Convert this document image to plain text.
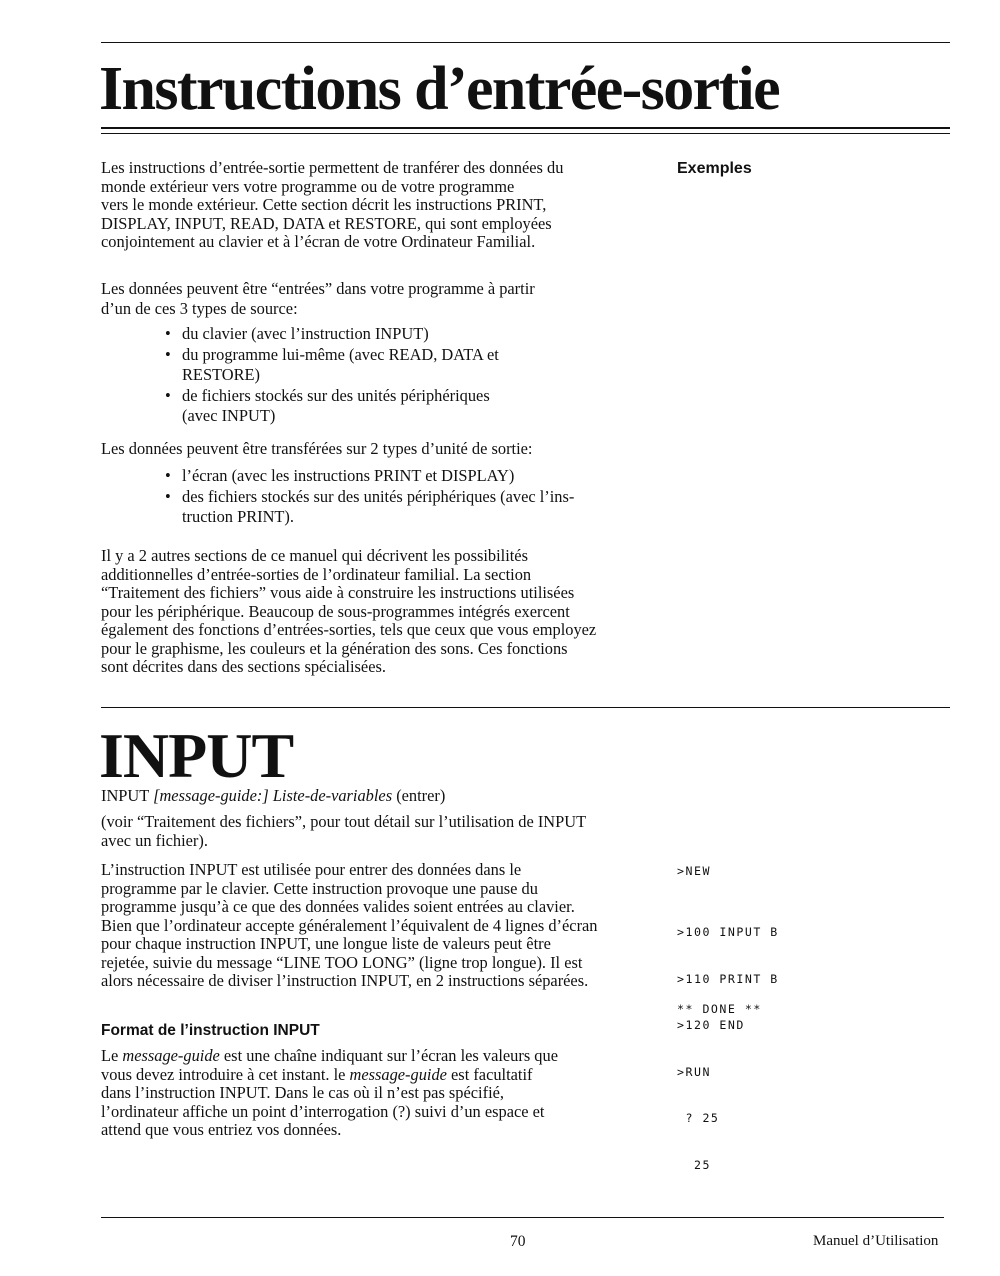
Instructions d’entrée-sortie
Exemples

Les instructions d’entrée-sortie permettent de tranférer des données du

monde extérieur vers votre programme ou de votre programme

vers le monde extérieur. Cette section décrit les instructions PRINT,

DISPLAY, INPUT, READ, DATA et RESTORE, qui sont employées

conjointement au clavier et à l’écran de votre Ordinateur Familial.

Les données peuvent être “entrées” dans votre programme à partir

d’un de ces 3 types de source:

• du clavier (avec l’instruction INPUT)
• du programme lui-même (avec READ, DATA et
RESTORE)
• de fichiers stockés sur des unités périphériques
(avec INPUT)

Les données peuvent être transférées sur 2 types d’unité de sortie:

• l’écran (avec les instructions PRINT et DISPLAY)
• des fichiers stockés sur des unités périphériques (avec l’ins-
truction PRINT).

Il y a 2 autres sections de ce manuel qui décrivent les possibilités

additionnelles d’entrée-sorties de l’ordinateur familial. La section

“Traitement des fichiers” vous aide à construire les instructions utilisées

pour les périphérique. Beaucoup de sous-programmes intégrés exercent

également des fonctions d’entrées-sorties, tels que ceux que vous employez

pour le graphisme, les couleurs et la génération des sons. Ces fonctions

sont décrites dans des sections spécialisées.

INPUT
INPUT [message-guide:] Liste-de-variables (entrer)

(voir “Traitement des fichiers”, pour tout détail sur l’utilisation de INPUT

avec un fichier).

L’instruction INPUT est utilisée pour entrer des données dans le

programme par le clavier. Cette instruction provoque une pause du

programme jusqu’à ce que des données valides soient entrées au clavier.

Bien que l’ordinateur accepte généralement l’équivalent de 4 lignes d’écran

pour chaque instruction INPUT, une longue liste de valeurs peut être

rejetée, suivie du message “LINE TOO LONG” (ligne trop longue). Il est

alors nécessaire de diviser l’instruction INPUT, en 2 instructions séparées.

Format de l’instruction INPUT

Le message-guide est une chaîne indiquant sur l’écran les valeurs que

vous devez introduire à cet instant. le message-guide est facultatif

dans l’instruction INPUT. Dans le cas où il n’est pas spécifié,

l’ordinateur affiche un point d’interrogation (?) suivi d’un espace et

attend que vous entriez vos données.

>NEW

>100 INPUT B

>110 PRINT B

>120 END

>RUN

? 25

25

** DONE **
70	Manuel d’Utilisation
